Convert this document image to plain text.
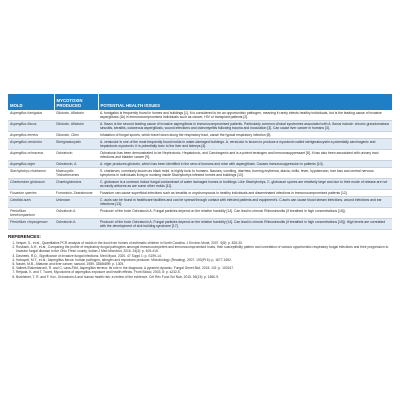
MOLD	MYCOTOXIN PRODUCED	POTENTIAL HEALTH ISSUES
Aspergillus fumigatus	Gliotoxin, Aflatoxin	A. fumigatus is frequently found in homes and buildings [1]. It is considered to be an opportunistic pathogen, meaning it rarely infects healthy individuals, but is the leading cause of invasive aspergillosis (IA) in immunocompromised individuals such as cancer, HIV or transplant patients [2].
Aspergillus flavus	Gliotoxin, Aflatoxin	A. flavus is the second leading cause of invasive aspergillosis in immunocompromised patients. Particularly common clinical syndromes associated with A. flavus include: chronic granulomatous sinusitis, keratitis, cutaneous aspergillosis, wound infections and osteomyelitis following trauma and inoculation [3]. Can cause liver cancer in humans [3].
Aspergillus terreus	Gliotoxin, Citrin	Inhalation of fungal spores, which travel down along the respiratory tract, cause the typical respiratory infection [8].
Aspergillus versicolor	Sterigmatocystin	A. versicolor is one of the most frequently found molds in water-damaged buildings. A. versicolor is known to produce a mycotoxin called sterigmatocystin a potentially carcinogenic and hepatotoxic mycotoxin. It is potentially toxic to the liver and kidneys [4].
Aspergillus ochraceus	Ochratoxin	Ochratoxin has been demonstrated to be Nephrotoxic, Hepatotoxic, and Carcinogenic and is a potent teratogen and immunosuppressant [8]. It has also been associated with urinary tract infections and bladder cancer [9].
Aspergillus niger	Ochratoxin, A	A. niger produces gliotoxin, which has been identified in the sera of humans and mice with aspergillosis. Causes immunosuppression in patients [10].
Stachybotrys chartarum	Macrocyclic Trichothecenes	S. chartarum, commonly known as black mold, is highly toxic to humans. Nausea, vomiting, diarrhea, burning erythema, ataxia, chills, fever, hypotension, hair loss and central nervous symptoms in individuals living or working inside Stachybotrys infested homes and buildings [10].
Chaetomium globosum	Chaetoglobosins	C. globosum is a common indoor fungal contaminant of water damaged homes or buildings. Like Stachybotrys, C. globosum spores are relatively large and due to their mode of release are not as easily airborne as are some other molds [11].
Fusarium species	Fumonisin, Zearalenone	Fusarium can cause superficial infections such as keratitis or onychomycosis in healthy individuals and disseminated infections in immunocompromised patients [12].
Candida auris	Unknown	C. auris can be found in healthcare facilities and can be spread through contact with infected patients and equipment's. C.auris can cause blood stream infections, wound infections and ear infections [13].
Penicillium brevicompactum	Ochratoxin A	Producer of the toxin Ochratoxin A. Fungal particles depend on the relative humidity [14]. Can lead to chronic Rhinosinusitis (if breathed in high concentrations [15]).
Penicillium chrysogenum	Ochratoxin A	Producer of the toxin Ochratoxin A. Fungal particles depend on the relative humidity [14]. Can lead to chronic Rhinosinusitis (if breathed in high concentrations [15]). High levels are correlated with the development of sick building syndrome [17].
REFERENCES:
1. Vesper, S., et al., Quantitative PCR analysis of molds in the dust from homes of asthmatic children in North Carolina. J Environ Monit, 2007. 9(8): p. 826-30.
2. Rosbach, A.H., et al., Comparing the profile of respiratory fungal pathogens amongst immunocompetent and immunocompromised hosts, their susceptibility pattern and correlation of various opportunistic respiratory fungal infections and their progression to invasive fungal disease in the Ohio Fresh county, Indian J Med Microbiol, 2016. 34(3): p. 409-415.
3. Dasheek, R.D., Significance of invasive fungal infections. Med Mycol, 2020. 47 Suppl 1: p. S199-14.
4. Hobayoti, M.T., et al., Aspergillus flavus: human pathogen, allergen and mycotoxin producer. Microbiology (Reading), 2007. 153(Pt 6): p. 1677-1692.
5. Nasim, M.B., Aflatoxin and liver cancer, sarcoid, 1989. 33586899: p. 1305.
6. Vallees Etalonbaroch, R. and C. Lass-Flörl, Aspergillus terreus: its role in the diagnosis. A pyramid dynamic. Fungal Genet Biol, 2018. 131: p. 103247.
7. Retjada, K. and T. Tuomi, Mycotoxins of aspergillus exposure and health effects. Front Biosci, 2003. 8: p. s232-5.
8. Burkhimer, T. R. and F. Kox, Ochratoxin A and human health risk: a review of the evidence. Crit Rev Food Sci Nutr, 2015. 55(13): p. 1860-9.
